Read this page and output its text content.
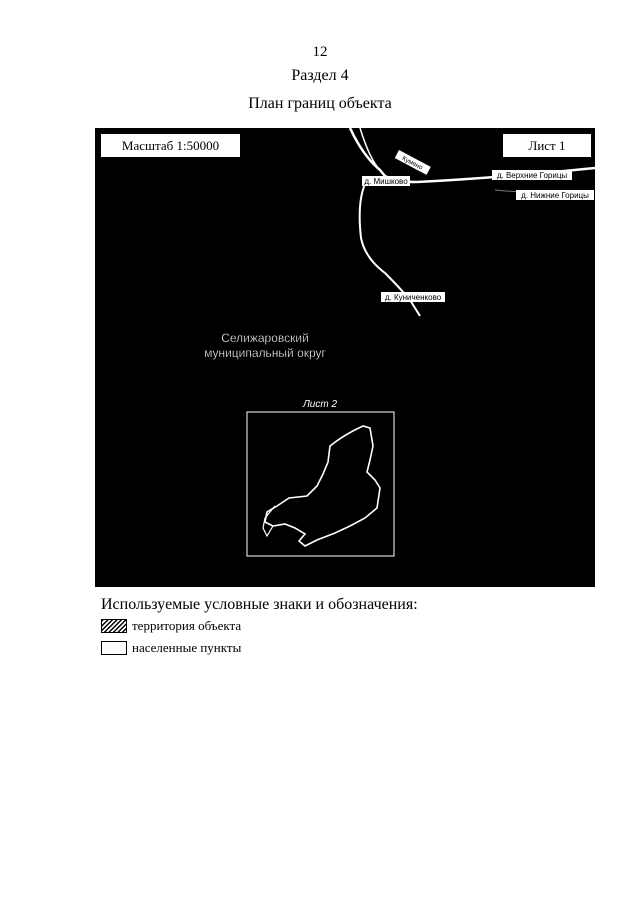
12
Раздел 4
План границ объекта
Кумено
д. Мишково
д. Верхние Горицы
д. Нижние Горицы
д. Куниченково
Селижаровский
муниципальный округ
Лист 2
Масштаб 1:50000	Лист 1
Используемые условные знаки и обозначения:
территория объекта
населенные пункты
